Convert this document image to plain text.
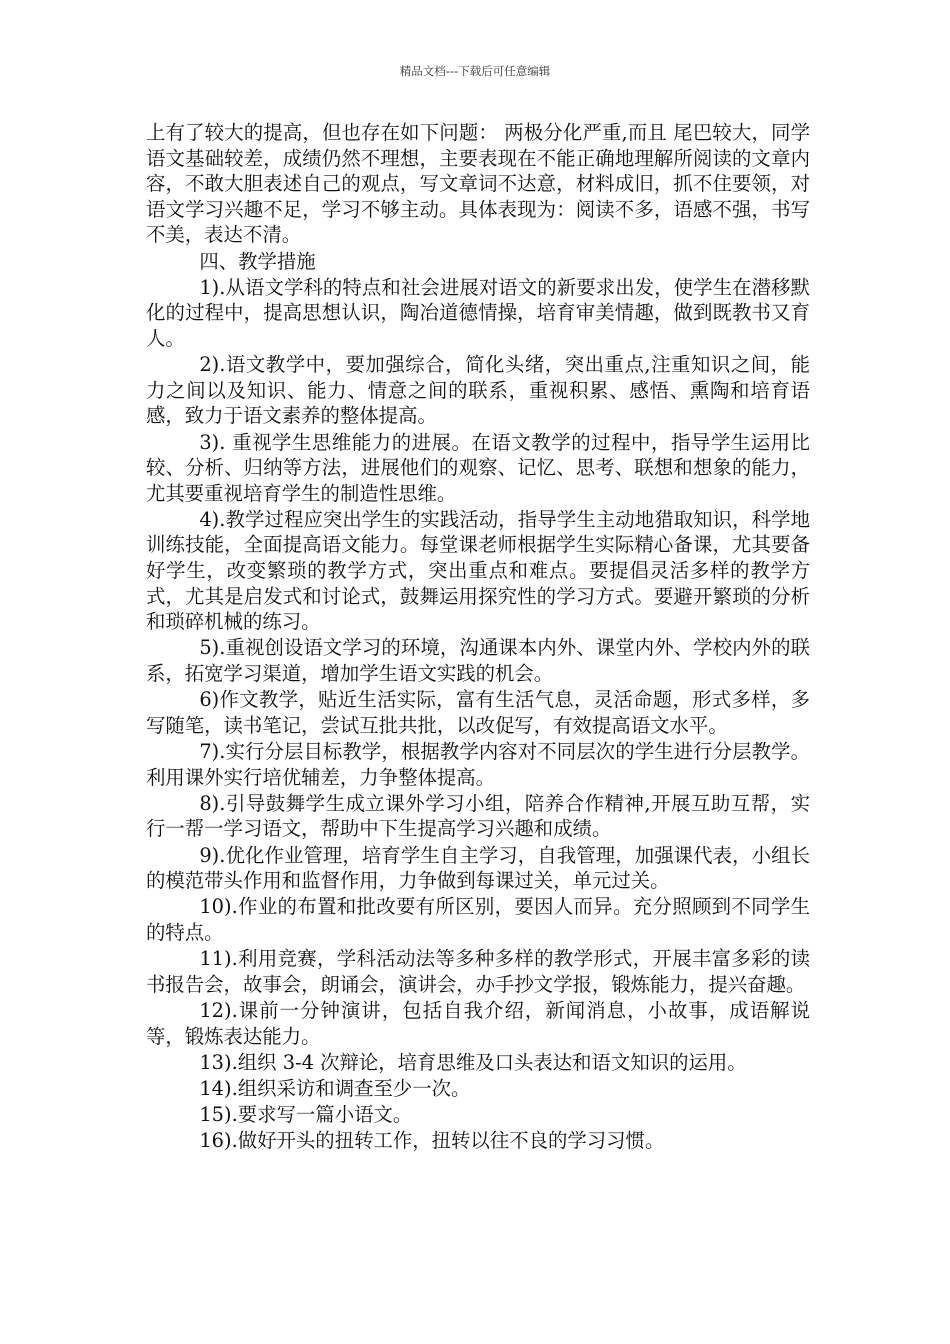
精品文档---下载后可任意编辑

上有了较大的提高，但也存在如下问题： 两极分化严重,而且 尾巴较大，同学语文基础较差，成绩仍然不理想，主要表现在不能正确地理解所阅读的文章内容，不敢大胆表述自己的观点，写文章词不达意，材料成旧，抓不住要领，对语文学习兴趣不足，学习不够主动。具体表现为：阅读不多，语感不强，书写不美，表达不清。

四、教学措施

1).从语文学科的特点和社会进展对语文的新要求出发，使学生在潜移默化的过程中，提高思想认识，陶冶道德情操，培育审美情趣，做到既教书又育人。

2).语文教学中，要加强综合，简化头绪，突出重点,注重知识之间，能力之间以及知识、能力、情意之间的联系，重视积累、感悟、熏陶和培育语感，致力于语文素养的整体提高。

3). 重视学生思维能力的进展。在语文教学的过程中，指导学生运用比较、分析、归纳等方法，进展他们的观察、记忆、思考、联想和想象的能力，尤其要重视培育学生的制造性思维。

4).教学过程应突出学生的实践活动，指导学生主动地猎取知识，科学地训练技能，全面提高语文能力。每堂课老师根据学生实际精心备课，尤其要备好学生，改变繁琐的教学方式，突出重点和难点。要提倡灵活多样的教学方式，尤其是启发式和讨论式，鼓舞运用探究性的学习方式。要避开繁琐的分析和琐碎机械的练习。

5).重视创设语文学习的环境，沟通课本内外、课堂内外、学校内外的联系，拓宽学习渠道，增加学生语文实践的机会。

6)作文教学，贴近生活实际，富有生活气息，灵活命题，形式多样，多写随笔，读书笔记，尝试互批共批，以改促写，有效提高语文水平。

7).实行分层目标教学，根据教学内容对不同层次的学生进行分层教学。利用课外实行培优辅差，力争整体提高。

8).引导鼓舞学生成立课外学习小组，陪养合作精神,开展互助互帮，实行一帮一学习语文，帮助中下生提高学习兴趣和成绩。

9).优化作业管理，培育学生自主学习，自我管理，加强课代表，小组长的模范带头作用和监督作用，力争做到每课过关，单元过关。

10).作业的布置和批改要有所区别，要因人而异。充分照顾到不同学生的特点。

11).利用竞赛，学科活动法等多种多样的教学形式，开展丰富多彩的读书报告会，故事会，朗诵会，演讲会，办手抄文学报，锻炼能力，提兴奋趣。

12).课前一分钟演讲，包括自我介绍，新闻消息，小故事，成语解说等，锻炼表达能力。

13).组织 3-4 次辩论，培育思维及口头表达和语文知识的运用。

14).组织采访和调查至少一次。

15).要求写一篇小语文。

16).做好开头的扭转工作，扭转以往不良的学习习惯。
